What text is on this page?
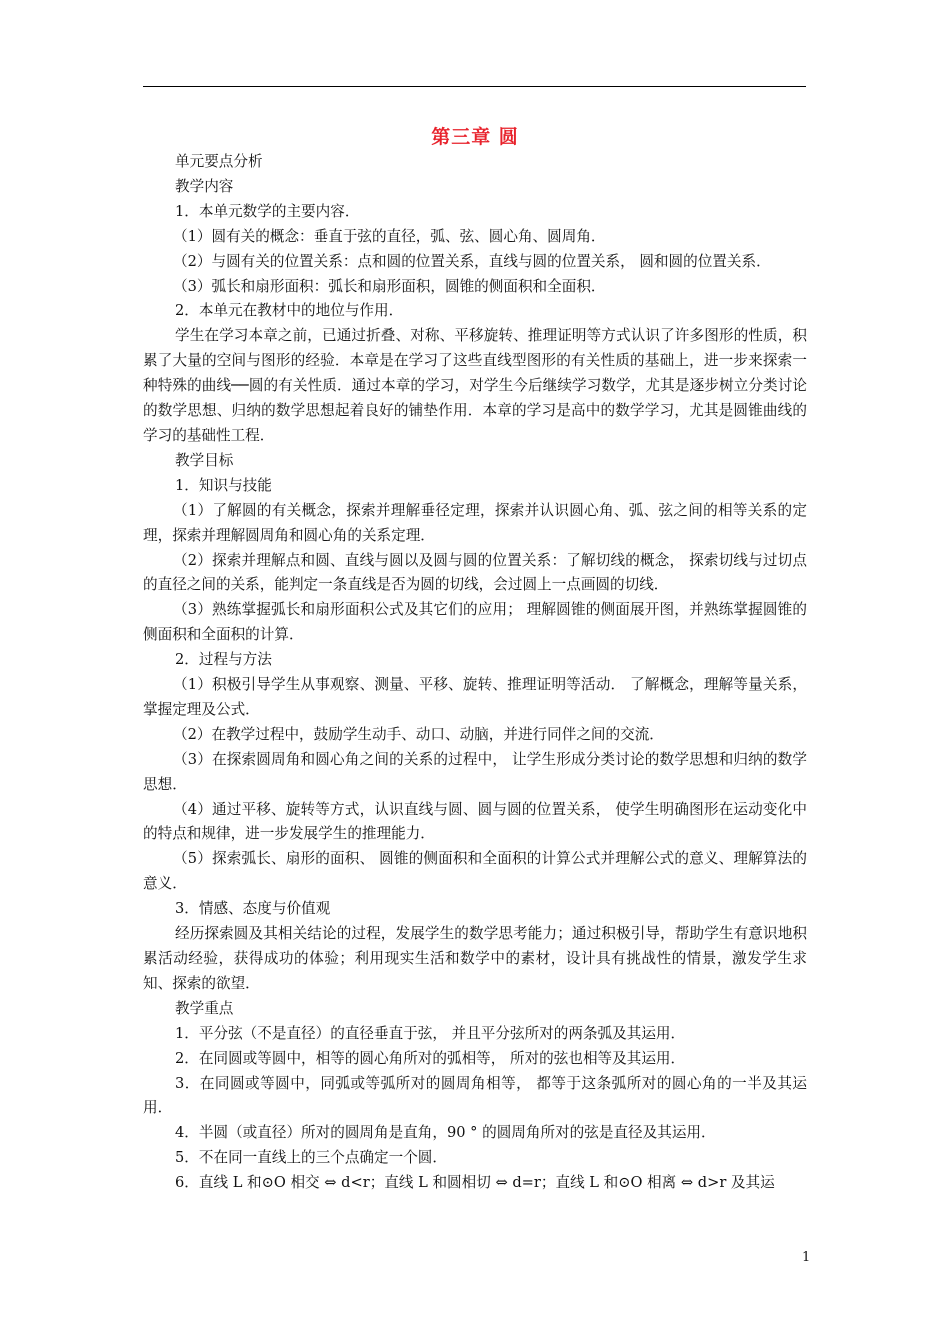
第三章 圆

单元要点分析

教学内容

1．本单元数学的主要内容．

（1）圆有关的概念：垂直于弦的直径，弧、弦、圆心角、圆周角．

（2）与圆有关的位置关系：点和圆的位置关系，直线与圆的位置关系， 圆和圆的位置关系．

（3）弧长和扇形面积：弧长和扇形面积，圆锥的侧面积和全面积．

2．本单元在教材中的地位与作用．

学生在学习本章之前，已通过折叠、对称、平移旋转、推理证明等方式认识了许多图形的性质，积累了大量的空间与图形的经验．本章是在学习了这些直线型图形的有关性质的基础上，进一步来探索一种特殊的曲线──圆的有关性质．通过本章的学习，对学生今后继续学习数学，尤其是逐步树立分类讨论的数学思想、归纳的数学思想起着良好的铺垫作用．本章的学习是高中的数学学习，尤其是圆锥曲线的学习的基础性工程．

教学目标

1．知识与技能

（1）了解圆的有关概念，探索并理解垂径定理，探索并认识圆心角、弧、弦之间的相等关系的定理，探索并理解圆周角和圆心角的关系定理．

（2）探索并理解点和圆、直线与圆以及圆与圆的位置关系：了解切线的概念， 探索切线与过切点的直径之间的关系，能判定一条直线是否为圆的切线，会过圆上一点画圆的切线．

（3）熟练掌握弧长和扇形面积公式及其它们的应用； 理解圆锥的侧面展开图，并熟练掌握圆锥的侧面积和全面积的计算．

2．过程与方法

（1）积极引导学生从事观察、测量、平移、旋转、推理证明等活动． 了解概念，理解等量关系，掌握定理及公式．

（2）在教学过程中，鼓励学生动手、动口、动脑，并进行同伴之间的交流．

（3）在探索圆周角和圆心角之间的关系的过程中， 让学生形成分类讨论的数学思想和归纳的数学思想．

（4）通过平移、旋转等方式，认识直线与圆、圆与圆的位置关系， 使学生明确图形在运动变化中的特点和规律，进一步发展学生的推理能力．

（5）探索弧长、扇形的面积、 圆锥的侧面积和全面积的计算公式并理解公式的意义、理解算法的意义．

3．情感、态度与价值观

经历探索圆及其相关结论的过程，发展学生的数学思考能力；通过积极引导，帮助学生有意识地积累活动经验，获得成功的体验；利用现实生活和数学中的素材，设计具有挑战性的情景，激发学生求知、探索的欲望．

教学重点

1．平分弦（不是直径）的直径垂直于弦， 并且平分弦所对的两条弧及其运用．

2．在同圆或等圆中，相等的圆心角所对的弧相等， 所对的弦也相等及其运用．

3．在同圆或等圆中，同弧或等弧所对的圆周角相等， 都等于这条弧所对的圆心角的一半及其运用．

4．半圆（或直径）所对的圆周角是直角，90 ° 的圆周角所对的弦是直径及其运用．

5．不在同一直线上的三个点确定一个圆．

6．直线 L 和⊙O 相交 ⇔ d<r；直线 L 和圆相切 ⇔ d=r；直线 L 和⊙O 相离 ⇔ d>r 及其运

1
